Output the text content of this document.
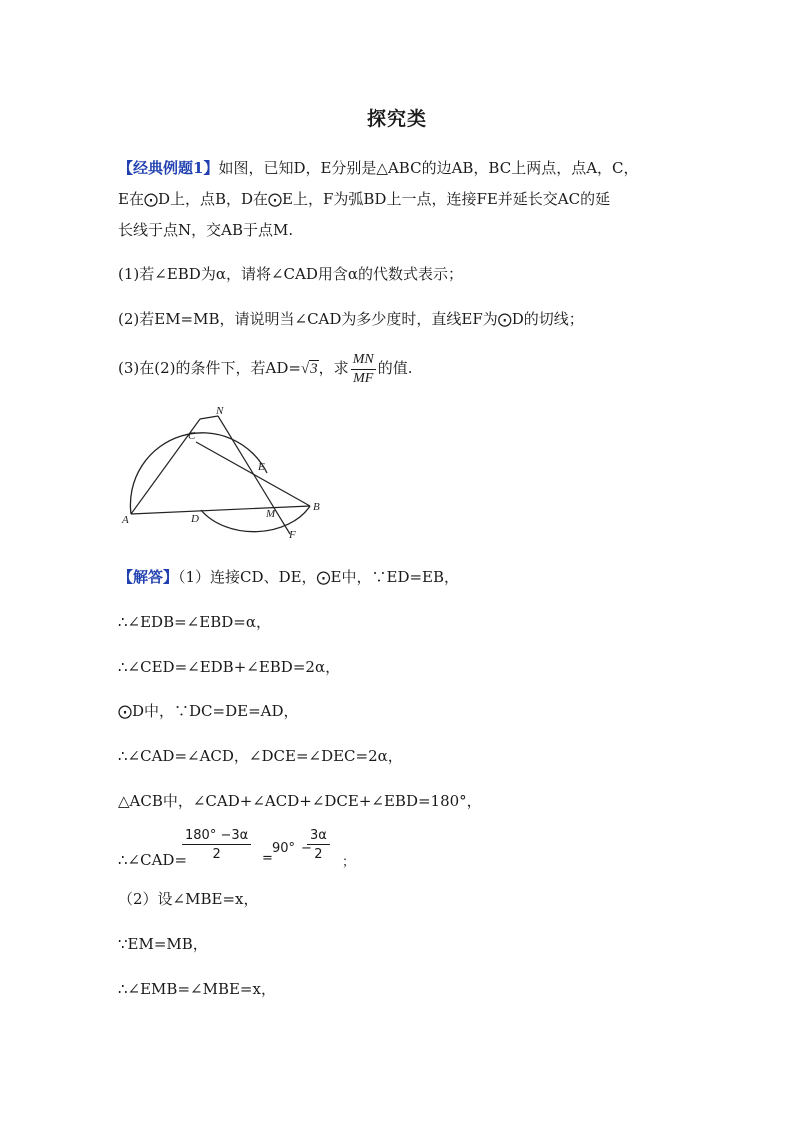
探究类
【经典例题1】如图，已知D，E分别是△ABC的边AB，BC上两点，点A，C，
E在⨀D上，点B，D在⨀E上，F为弧BD上一点，连接FE并延长交AC的延
长线于点N，交AB于点M.
(1)若∠EBD为α，请将∠CAD用含α的代数式表示；
(2)若EM=MB，请说明当∠CAD为多少度时，直线EF为⨀D的切线；
(3)在(2)的条件下，若AD=√3，求 $\frac{MN}{MF}$ 的值.
A
C
N
E
B
D	M
F
【解答】（1）连接CD、DE，⨀E中，∵ED=EB，
∴∠EDB=∠EBD=α，
∴∠CED=∠EDB+∠EBD=2α，
⨀D中，∵DC=DE=AD，
∴∠CAD=∠ACD，∠DCE=∠DEC=2α，
△ACB中，∠CAD+∠ACD+∠DCE+∠EBD=180°，
∴∠CAD=
$\frac{180^\circ -3\alpha}{2}$ =
90° −
$\frac{3\alpha}{2}$
；
（2）设∠MBE=x，
∵EM=MB，
∴∠EMB=∠MBE=x，
